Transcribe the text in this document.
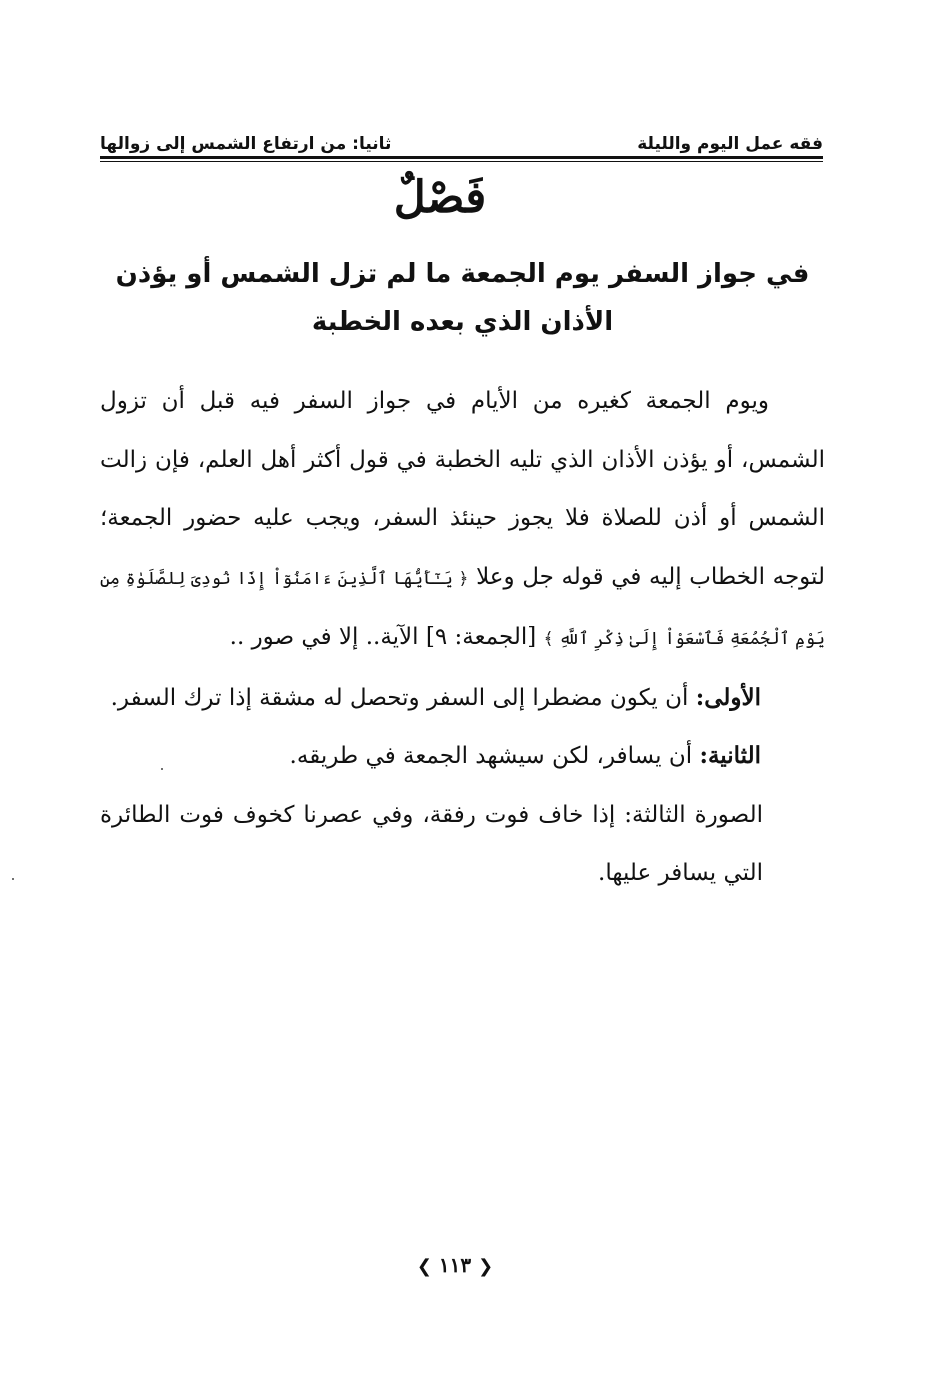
فقه عمل اليوم والليلة
ثانيا: من ارتفاع الشمس إلى زوالها
فَصْلٌ
في جواز السفر يوم الجمعة ما لم تزل الشمس أو يؤذن الأذان الذي بعده الخطبة

ويوم الجمعة كغيره من الأيام في جواز السفر فيه قبل أن تزول الشمس، أو يؤذن الأذان الذي تليه الخطبة في قول أكثر أهل العلم، فإن زالت الشمس أو أذن للصلاة فلا يجوز حينئذ السفر، ويجب عليه حضور الجمعة؛ لتوجه الخطاب إليه في قوله جل وعلا ﴿ يَـٰٓأَيُّهَا ٱلَّذِينَ ءَامَنُوٓاْ إِذَا نُودِىَ لِلصَّلَوٰةِ مِن يَوْمِ ٱلْجُمُعَةِ فَٱسْعَوْاْ إِلَىٰ ذِكْرِ ٱللَّهِ ﴾ [الجمعة: ٩] الآية.. إلا في صور ..

الأولى: أن يكون مضطرا إلى السفر وتحصل له مشقة إذا ترك السفر.

الثانية: أن يسافر، لكن سيشهد الجمعة في طريقه.

الصورة الثالثة: إذا خاف فوت رفقة، وفي عصرنا كخوف فوت الطائرة التي يسافر عليها.

❮ ١١٣ ❯
